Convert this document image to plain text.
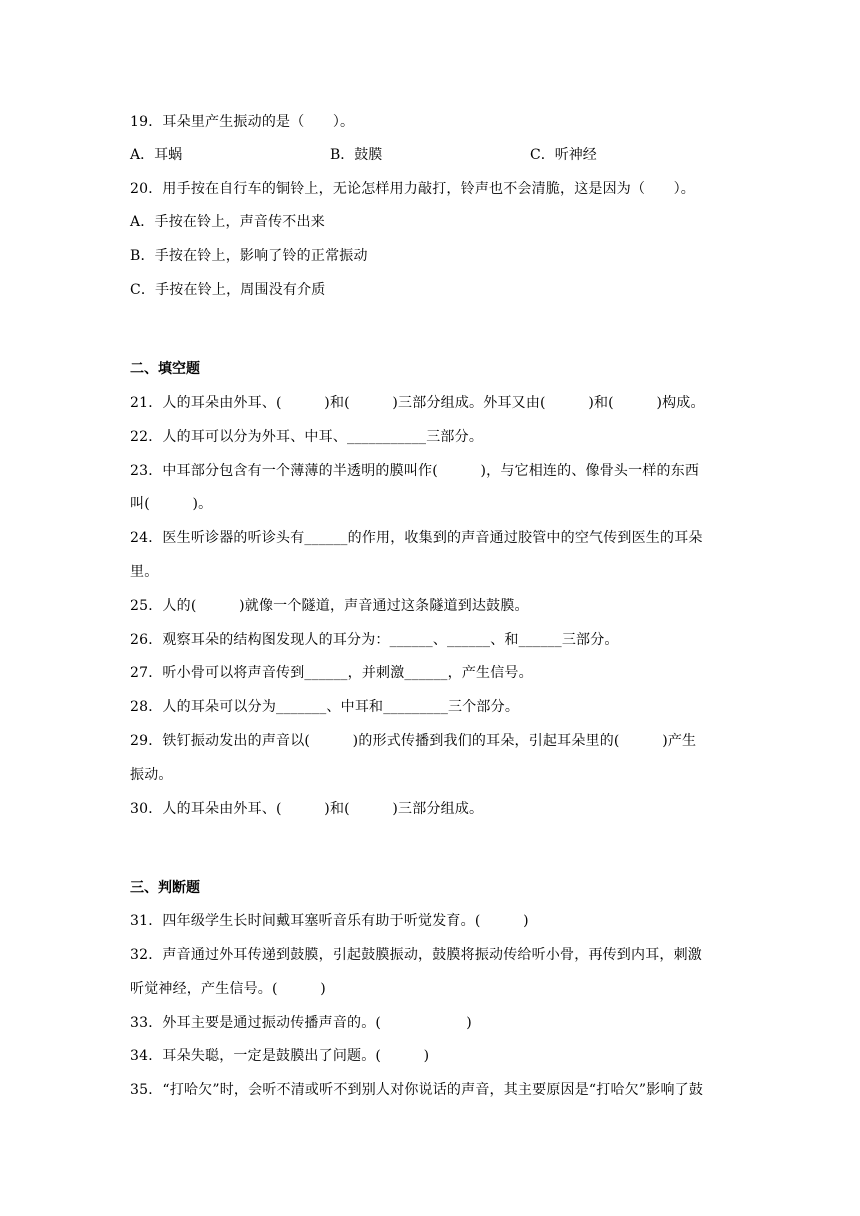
19．耳朵里产生振动的是（　　）。
A．耳蜗	B．鼓膜	C．听神经
20．用手按在自行车的铜铃上，无论怎样用力敲打，铃声也不会清脆，这是因为（　　）。
A．手按在铃上，声音传不出来
B．手按在铃上，影响了铃的正常振动
C．手按在铃上，周围没有介质
二、填空题
21．人的耳朵由外耳、(　　　)和(　　　)三部分组成。外耳又由(　　　)和(　　　)构成。
22．人的耳可以分为外耳、中耳、___________三部分。
23．中耳部分包含有一个薄薄的半透明的膜叫作(　　　)，与它相连的、像骨头一样的东西
叫(　　　)。
24．医生听诊器的听诊头有______的作用，收集到的声音通过胶管中的空气传到医生的耳朵
里。
25．人的(　　　)就像一个隧道，声音通过这条隧道到达鼓膜。
26．观察耳朵的结构图发现人的耳分为：______、______、和______三部分。
27．听小骨可以将声音传到______，并刺激______，产生信号。
28．人的耳朵可以分为_______、中耳和_________三个部分。
29．铁钉振动发出的声音以(　　　)的形式传播到我们的耳朵，引起耳朵里的(　　　)产生
振动。
30．人的耳朵由外耳、(　　　)和(　　　)三部分组成。
三、判断题
31．四年级学生长时间戴耳塞听音乐有助于听觉发育。(　　　)
32．声音通过外耳传递到鼓膜，引起鼓膜振动，鼓膜将振动传给听小骨，再传到内耳，刺激
听觉神经，产生信号。(　　　)
33．外耳主要是通过振动传播声音的。(　　　　　　)
34．耳朵失聪，一定是鼓膜出了问题。(　　　)
35．“打哈欠”时，会听不清或听不到别人对你说话的声音，其主要原因是“打哈欠”影响了鼓
